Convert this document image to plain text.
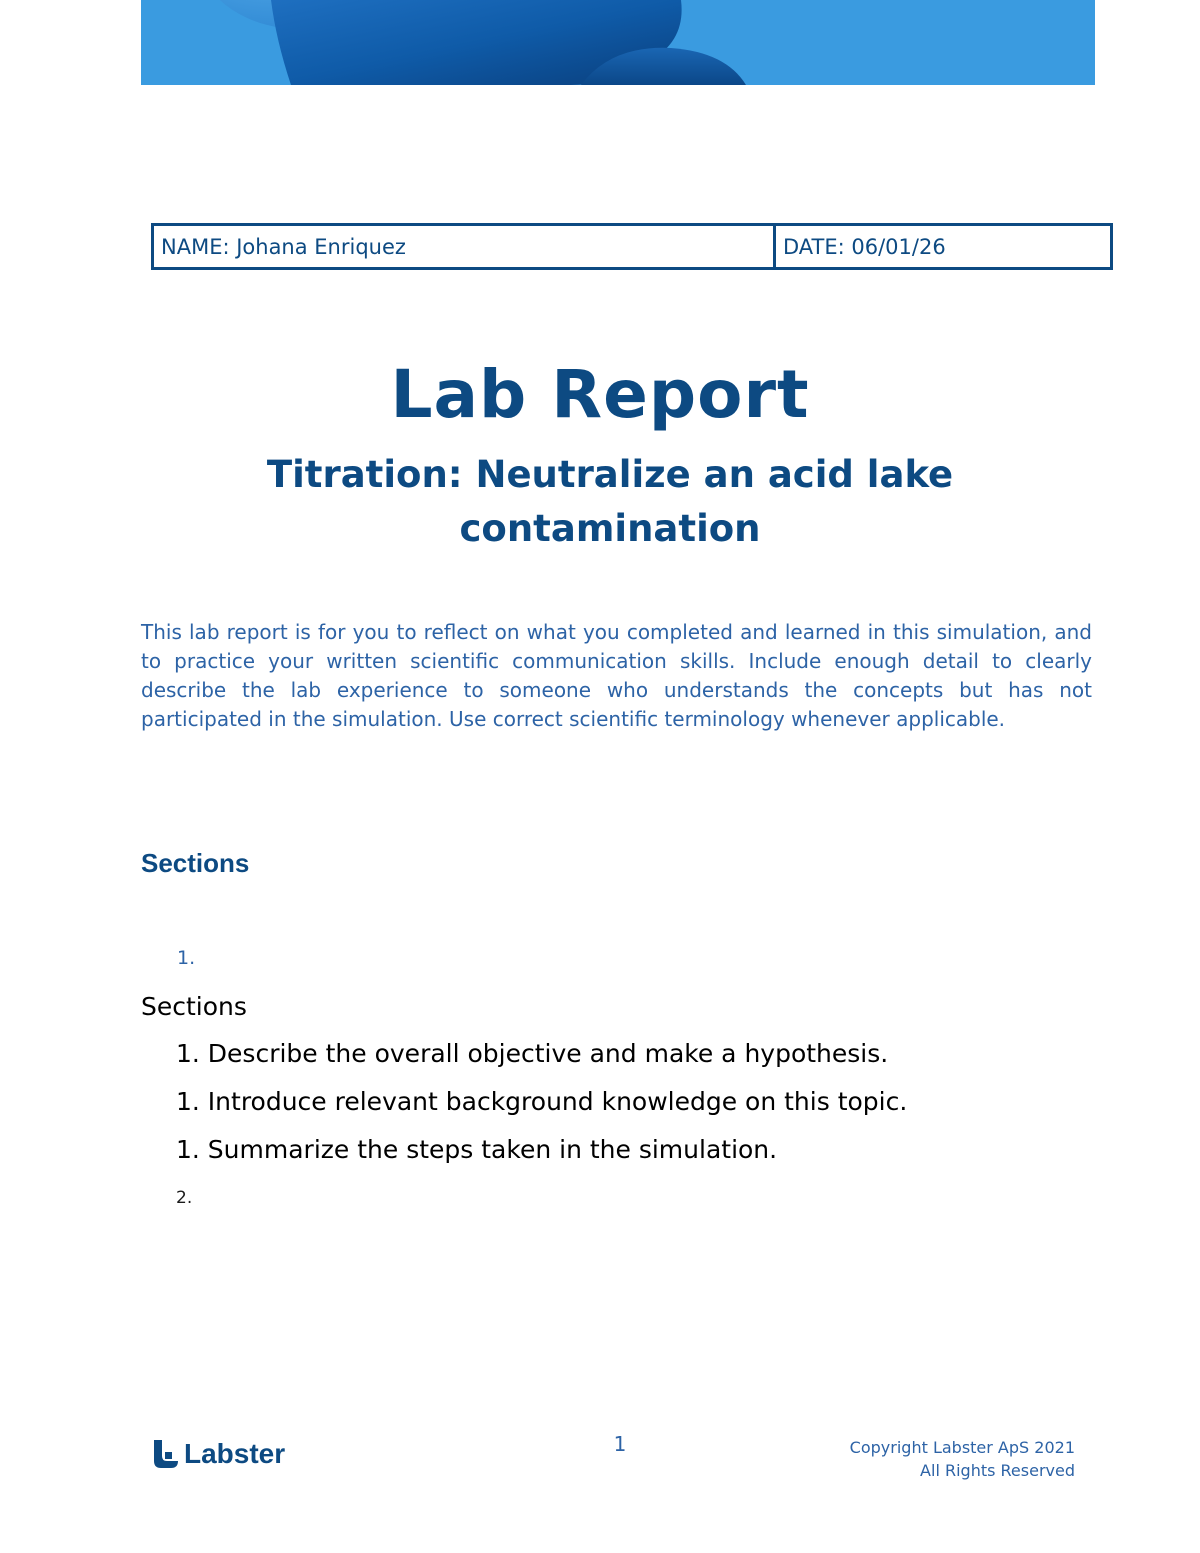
NAME: Johana Enriquez	DATE: 06/01/26
Lab Report
Titration: Neutralize an acid lake contamination

This lab report is for you to reflect on what you completed and learned in this simulation, and to practice your written scientific communication skills. Include enough detail to clearly describe the lab experience to someone who understands the concepts but has not participated in the simulation. Use correct scientific terminology whenever applicable.

Sections
1.

Sections

1. Describe the overall objective and make a hypothesis.
1. Introduce relevant background knowledge on this topic.
1. Summarize the steps taken in the simulation.
2.
Labster	1	Copyright Labster ApS 2021
All Rights Reserved
